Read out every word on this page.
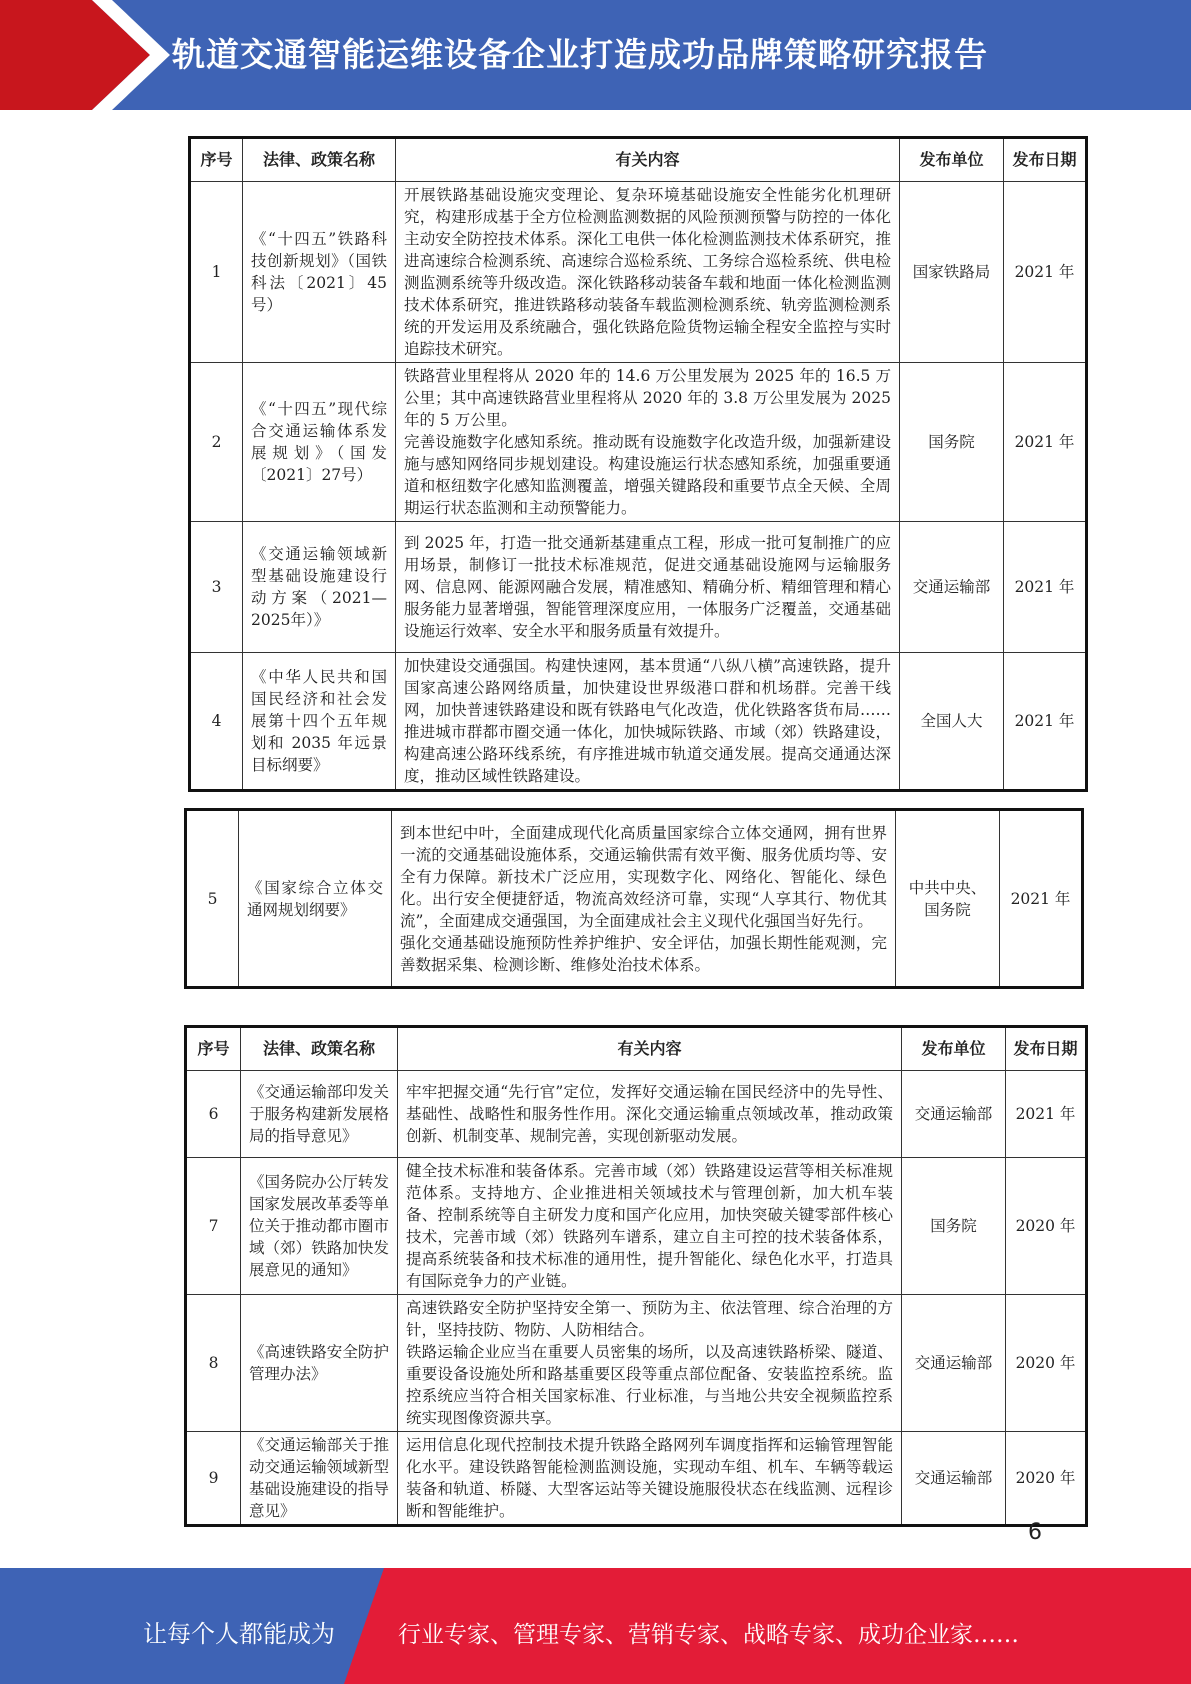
轨道交通智能运维设备企业打造成功品牌策略研究报告
序号	法律、政策名称	有关内容	发布单位	发布日期
1	《“十四五”铁路科技创新规划》（国铁科法〔2021〕45号）	开展铁路基础设施灾变理论、复杂环境基础设施安全性能劣化机理研究，构建形成基于全方位检测监测数据的风险预测预警与防控的一体化主动安全防控技术体系。深化工电供一体化检测监测技术体系研究，推进高速综合检测系统、高速综合巡检系统、工务综合巡检系统、供电检测监测系统等升级改造。深化铁路移动装备车载和地面一体化检测监测技术体系研究，推进铁路移动装备车载监测检测系统、轨旁监测检测系统的开发运用及系统融合，强化铁路危险货物运输全程安全监控与实时追踪技术研究。	国家铁路局	2021 年
2	《“十四五”现代综合交通运输体系发展规划》（国发〔2021〕27号）	铁路营业里程将从 2020 年的 14.6 万公里发展为 2025 年的 16.5 万公里；其中高速铁路营业里程将从 2020 年的 3.8 万公里发展为 2025 年的 5 万公里。
完善设施数字化感知系统。推动既有设施数字化改造升级，加强新建设施与感知网络同步规划建设。构建设施运行状态感知系统，加强重要通道和枢纽数字化感知监测覆盖，增强关键路段和重要节点全天候、全周期运行状态监测和主动预警能力。	国务院	2021 年
3	《交通运输领域新型基础设施建设行动方案（2021—2025年）》	到 2025 年，打造一批交通新基建重点工程，形成一批可复制推广的应用场景，制修订一批技术标准规范，促进交通基础设施网与运输服务网、信息网、能源网融合发展，精准感知、精确分析、精细管理和精心服务能力显著增强，智能管理深度应用，一体服务广泛覆盖，交通基础设施运行效率、安全水平和服务质量有效提升。	交通运输部	2021 年
4	《中华人民共和国国民经济和社会发展第十四个五年规划和 2035 年远景目标纲要》	加快建设交通强国。构建快速网，基本贯通“八纵八横”高速铁路，提升国家高速公路网络质量，加快建设世界级港口群和机场群。完善干线网，加快普速铁路建设和既有铁路电气化改造，优化铁路客货布局……推进城市群都市圈交通一体化，加快城际铁路、市域（郊）铁路建设，构建高速公路环线系统，有序推进城市轨道交通发展。提高交通通达深度，推动区域性铁路建设。	全国人大	2021 年
5	《国家综合立体交通网规划纲要》	
到本世纪中叶，全面建成现代化高质量国家综合立体交通网，拥有世界一流的交通基础设施体系，交通运输供需有效平衡、服务优质均等、安全有力保障。新技术广泛应用，实现数字化、网络化、智能化、绿色化。出行安全便捷舒适，物流高效经济可靠，实现“人享其行、物优其流”，全面建成交通强国，为全面建成社会主义现代化强国当好先行。
强化交通基础设施预防性养护维护、安全评估，加强长期性能观测，完善数据采集、检测诊断、维修处治技术体系。
	中共中央、国务院	2021 年
序号	法律、政策名称	有关内容	发布单位	发布日期
6	《交通运输部印发关于服务构建新发展格局的指导意见》	牢牢把握交通“先行官”定位，发挥好交通运输在国民经济中的先导性、基础性、战略性和服务性作用。深化交通运输重点领域改革，推动政策创新、机制变革、规制完善，实现创新驱动发展。	交通运输部	2021 年
7	《国务院办公厅转发国家发展改革委等单位关于推动都市圈市域（郊）铁路加快发展意见的通知》	健全技术标准和装备体系。完善市域（郊）铁路建设运营等相关标准规范体系。支持地方、企业推进相关领域技术与管理创新，加大机车装备、控制系统等自主研发力度和国产化应用，加快突破关键零部件核心技术，完善市域（郊）铁路列车谱系，建立自主可控的技术装备体系，提高系统装备和技术标准的通用性，提升智能化、绿色化水平，打造具有国际竞争力的产业链。	国务院	2020 年
8	《高速铁路安全防护管理办法》	高速铁路安全防护坚持安全第一、预防为主、依法管理、综合治理的方针，坚持技防、物防、人防相结合。
铁路运输企业应当在重要人员密集的场所，以及高速铁路桥梁、隧道、重要设备设施处所和路基重要区段等重点部位配备、安装监控系统。监控系统应当符合相关国家标准、行业标准，与当地公共安全视频监控系统实现图像资源共享。	交通运输部	2020 年
9	《交通运输部关于推动交通运输领域新型基础设施建设的指导意见》	运用信息化现代控制技术提升铁路全路网列车调度指挥和运输管理智能化水平。建设铁路智能检测监测设施，实现动车组、机车、车辆等载运装备和轨道、桥隧、大型客运站等关键设施服役状态在线监测、远程诊断和智能维护。	交通运输部	2020 年
6
让每个人都能成为	行业专家、管理专家、营销专家、战略专家、成功企业家……
